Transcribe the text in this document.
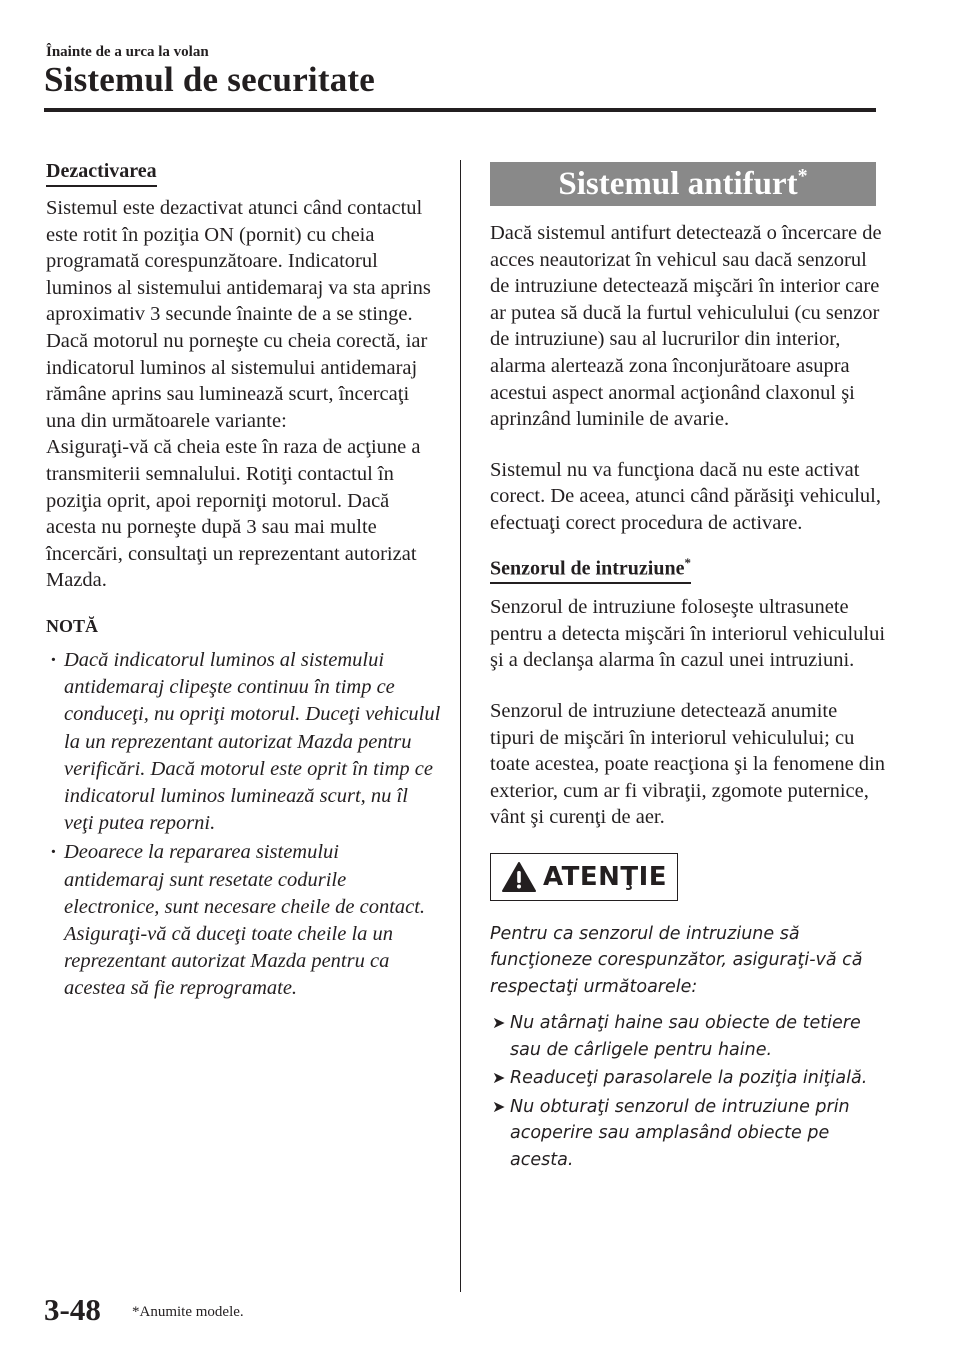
Înainte de a urca la volan
Sistemul de securitate
Dezactivarea

Sistemul este dezactivat atunci când contactul este rotit în poziţia ON (pornit) cu cheia programată corespunzătoare. Indicatorul luminos al sistemului antidemaraj va sta aprins aproximativ 3 secunde înainte de a se stinge. Dacă motorul nu porneşte cu cheia corectă, iar indicatorul luminos al sistemului antidemaraj rămâne aprins sau luminează scurt, încercaţi una din următoarele variante:

Asiguraţi-vă că cheia este în raza de acţiune a transmiterii semnalului. Rotiţi contactul în poziţia oprit, apoi reporniţi motorul. Dacă acesta nu porneşte după 3 sau mai multe încercări, consultaţi un reprezentant autorizat Mazda.

NOTĂ
· Dacă indicatorul luminos al sistemului antidemaraj clipeşte continuu în timp ce conduceţi, nu opriţi motorul. Duceţi vehiculul la un reprezentant autorizat Mazda pentru verificări. Dacă motorul este oprit în timp ce indicatorul luminos luminează scurt, nu îl veţi putea reporni.
· Deoarece la repararea sistemului antidemaraj sunt resetate codurile electronice, sunt necesare cheile de contact. Asiguraţi-vă că duceţi toate cheile la un reprezentant autorizat Mazda pentru ca acestea să fie reprogramate.
Sistemul antifurt*

Dacă sistemul antifurt detectează o încercare de acces neautorizat în vehicul sau dacă senzorul de intruziune detectează mişcări în interior care ar putea să ducă la furtul vehiculului (cu senzor de intruziune) sau al lucrurilor din interior, alarma alertează zona înconjurătoare asupra acestui aspect anormal acţionând claxonul şi aprinzând luminile de avarie.

Sistemul nu va funcţiona dacă nu este activat corect. De aceea, atunci când părăsiţi vehiculul, efectuaţi corect procedura de activare.

Senzorul de intruziune*

Senzorul de intruziune foloseşte ultrasunete pentru a detecta mişcări în interiorul vehiculului şi a declanşa alarma în cazul unei intruziuni.

Senzorul de intruziune detectează anumite tipuri de mişcări în interiorul vehiculului; cu toate acestea, poate reacţiona şi la fenomene din exterior, cum ar fi vibraţii, zgomote puternice, vânt şi curenţi de aer.

ATENŢIE

Pentru ca senzorul de intruziune să funcţioneze corespunzător, asiguraţi-vă că respectaţi următoarele:

➤ Nu atârnaţi haine sau obiecte de tetiere sau de cârligele pentru haine.
➤ Readuceţi parasolarele la poziţia iniţială.
➤ Nu obturaţi senzorul de intruziune prin acoperire sau amplasând obiecte pe acesta.
3-48 *Anumite modele.
